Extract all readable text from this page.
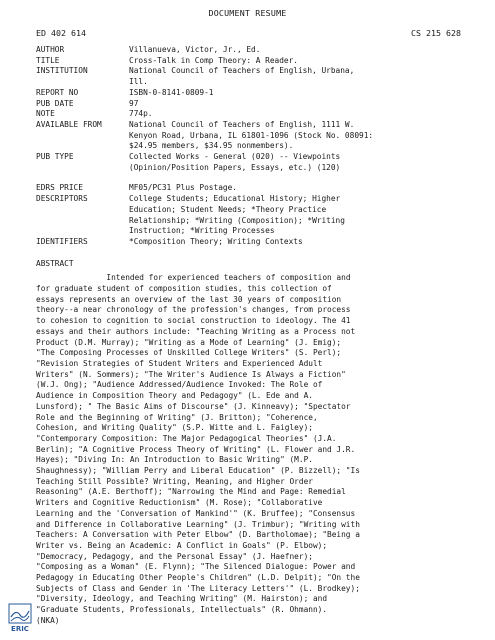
DOCUMENT RESUME
ED 402 614	CS 215 628
AUTHOR	Villanueva, Victor, Jr., Ed.
TITLE	Cross-Talk in Comp Theory: A Reader.
INSTITUTION	National Council of Teachers of English, Urbana,
Ill.
REPORT NO	ISBN-0-8141-0809-1
PUB DATE	97
NOTE	774p.
AVAILABLE FROM	National Council of Teachers of English, 1111 W.
Kenyon Road, Urbana, IL 61801-1096 (Stock No. 08091:
$24.95 members, $34.95 nonmembers).
PUB TYPE	Collected Works - General (020) -- Viewpoints
(Opinion/Position Papers, Essays, etc.) (120)
EDRS PRICE	MF05/PC31 Plus Postage.
DESCRIPTORS	College Students; Educational History; Higher
Education; Student Needs; *Theory Practice
Relationship; *Writing (Composition); *Writing
Instruction; *Writing Processes
IDENTIFIERS	*Composition Theory; Writing Contexts
ABSTRACT
Intended for experienced teachers of composition and
for graduate student of composition studies, this collection of
essays represents an overview of the last 30 years of composition
theory--a near chronology of the profession's changes, from process
to cohesion to cognition to social construction to ideology. The 41
essays and their authors include: "Teaching Writing as a Process not
Product (D.M. Murray); "Writing as a Mode of Learning" (J. Emig);
"The Composing Processes of Unskilled College Writers" (S. Perl);
"Revision Strategies of Student Writers and Experienced Adult
Writers" (N. Sommers); "The Writer's Audience Is Always a Fiction"
(W.J. Ong); "Audience Addressed/Audience Invoked: The Role of
Audience in Composition Theory and Pedagogy" (L. Ede and A.
Lunsford); " The Basic Aims of Discourse" (J. Kinneavy); "Spectator
Role and the Beginning of Writing" (J. Britton); "Coherence,
Cohesion, and Writing Quality" (S.P. Witte and L. Faigley);
"Contemporary Composition: The Major Pedagogical Theories" (J.A.
Berlin); "A Cognitive Process Theory of Writing" (L. Flower and J.R.
Hayes); "Diving In: An Introduction to Basic Writing" (M.P.
Shaughnessy); "William Perry and Liberal Education" (P. Bizzell); "Is
Teaching Still Possible? Writing, Meaning, and Higher Order
Reasoning" (A.E. Berthoff); "Narrowing the Mind and Page: Remedial
Writers and Cognitive Reductionism" (M. Rose); "Collaborative
Learning and the 'Conversation of Mankind'" (K. Bruffee); "Consensus
and Difference in Collaborative Learning" (J. Trimbur); "Writing with
Teachers: A Conversation with Peter Elbow" (D. Bartholomae); "Being a
Writer vs. Being an Academic: A Conflict in Goals" (P. Elbow);
"Democracy, Pedagogy, and the Personal Essay" (J. Haefner);
"Composing as a Woman" (E. Flynn); "The Silenced Dialogue: Power and
Pedagogy in Educating Other People's Children" (L.D. Delpit); "On the
Subjects of Class and Gender in 'The Literacy Letters'" (L. Brodkey);
"Diversity, Ideology, and Teaching Writing" (M. Hairston); and
"Graduate Students, Professionals, Intellectuals" (R. Ohmann).
(NKA)
ERIC
